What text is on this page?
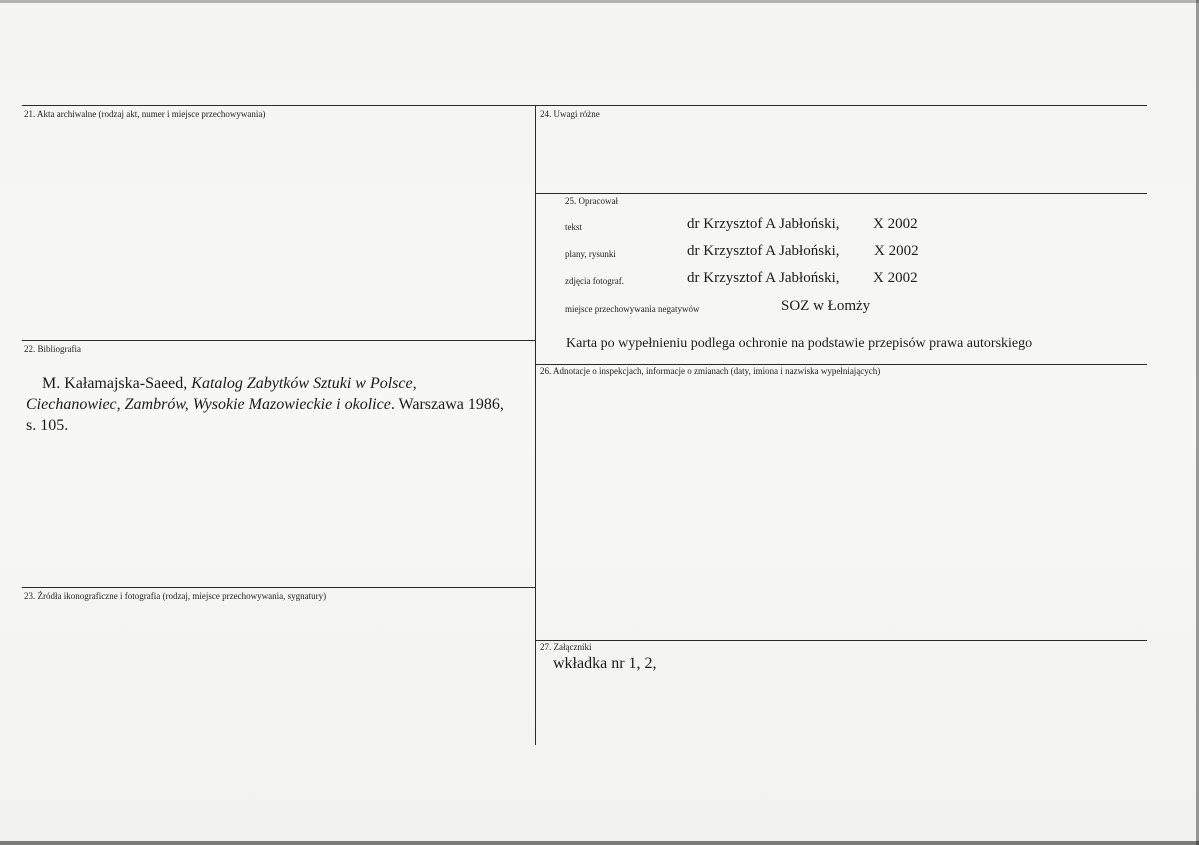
21. Akta archiwalne (rodzaj akt, numer i miejsce przechowywania)
22. Bibliografia
23. Źródła ikonograficzne i fotografia (rodzaj, miejsce przechowywania, sygnatury)
24. Uwagi różne
25. Opracował
26. Adnotacje o inspekcjach, informacje o zmianach (daty, imiona i nazwiska wypełniających)
27. Załączniki
M. Kałamajska-Saeed, Katalog Zabytków Sztuki w Polsce,
Ciechanowiec, Zambrów, Wysokie Mazowieckie i okolice. Warszawa 1986,
s. 105.
tekst	dr Krzysztof A Jabłoński, X 2002
plany, rysunki	dr Krzysztof A Jabłoński, X 2002
zdjęcia fotograf.	dr Krzysztof A Jabłoński, X 2002
miejsce przechowywania negatywów	SOZ w Łomży
Karta po wypełnieniu podlega ochronie na podstawie przepisów prawa autorskiego
wkładka nr 1, 2,
